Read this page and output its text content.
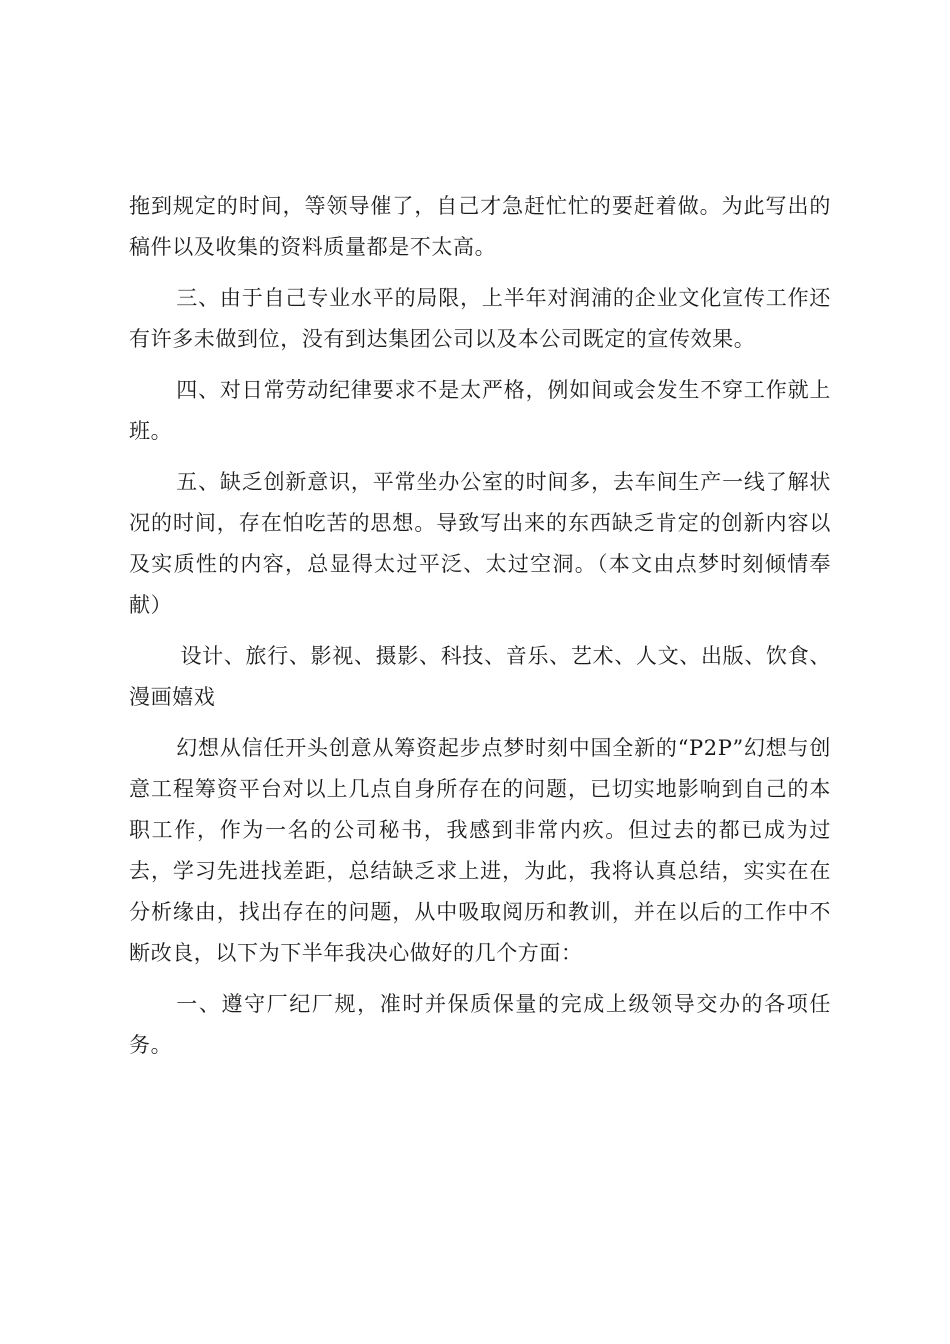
拖到规定的时间，等领导催了，自己才急赶忙忙的要赶着做。为此写出的稿件以及收集的资料质量都是不太高。

三、由于自己专业水平的局限，上半年对润浦的企业文化宣传工作还有许多未做到位，没有到达集团公司以及本公司既定的宣传效果。

四、对日常劳动纪律要求不是太严格，例如间或会发生不穿工作就上班。

五、缺乏创新意识，平常坐办公室的时间多，去车间生产一线了解状况的时间，存在怕吃苦的思想。导致写出来的东西缺乏肯定的创新内容以及实质性的内容，总显得太过平泛、太过空洞。（本文由点梦时刻倾情奉献）

设计、旅行、影视、摄影、科技、音乐、艺术、人文、出版、饮食、漫画嬉戏

幻想从信任开头创意从筹资起步点梦时刻中国全新的“P2P”幻想与创意工程筹资平台对以上几点自身所存在的问题，已切实地影响到自己的本职工作，作为一名的公司秘书，我感到非常内疚。但过去的都已成为过去，学习先进找差距，总结缺乏求上进，为此，我将认真总结，实实在在分析缘由，找出存在的问题，从中吸取阅历和教训，并在以后的工作中不断改良，以下为下半年我决心做好的几个方面：

一、遵守厂纪厂规，准时并保质保量的完成上级领导交办的各项任务。
